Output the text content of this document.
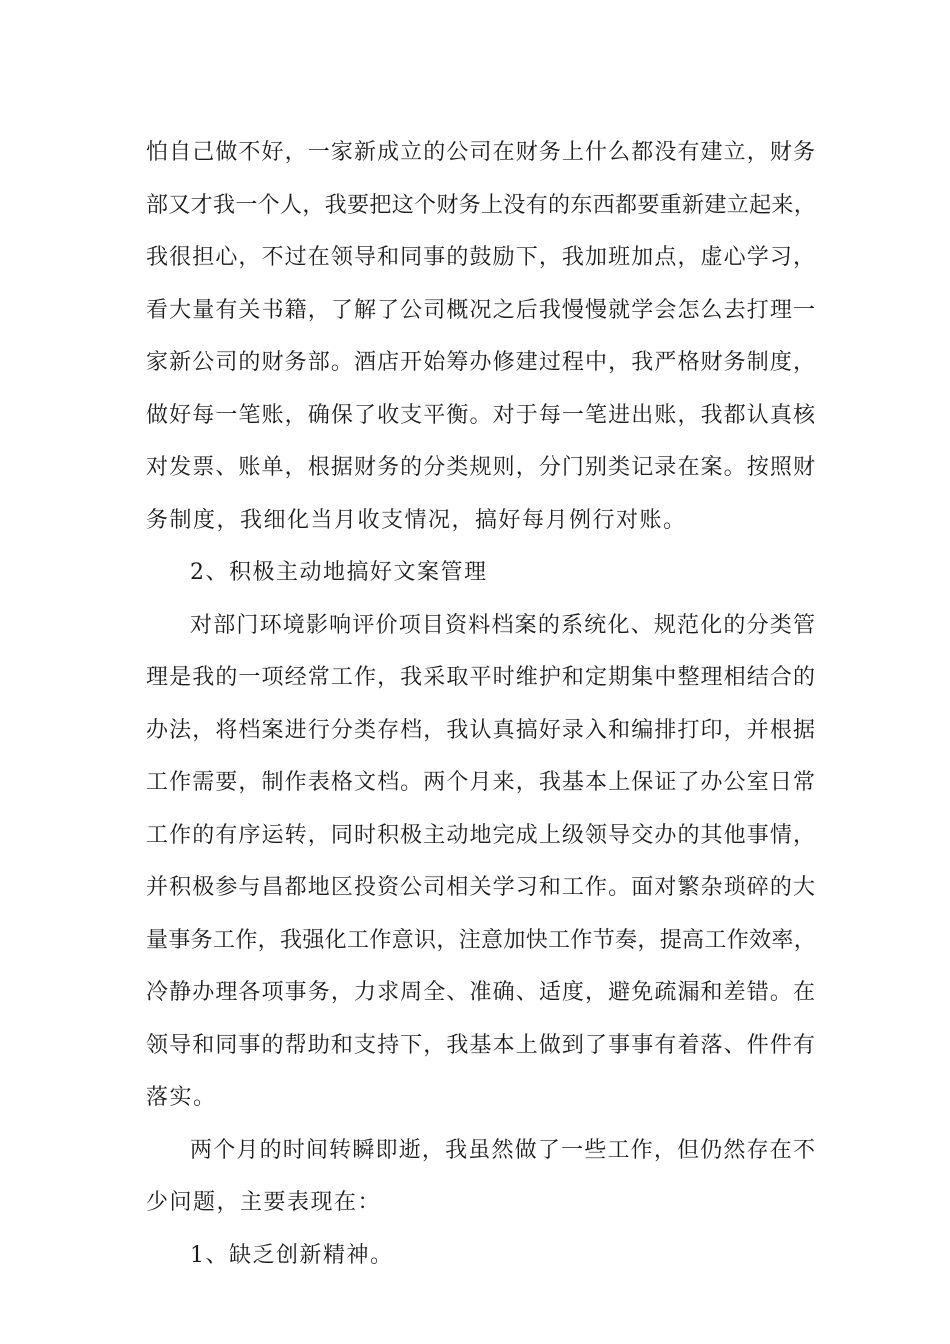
怕自己做不好，一家新成立的公司在财务上什么都没有建立，财务
部又才我一个人，我要把这个财务上没有的东西都要重新建立起来，
我很担心，不过在领导和同事的鼓励下，我加班加点，虚心学习，
看大量有关书籍，了解了公司概况之后我慢慢就学会怎么去打理一
家新公司的财务部。酒店开始筹办修建过程中，我严格财务制度，
做好每一笔账，确保了收支平衡。对于每一笔进出账，我都认真核
对发票、账单，根据财务的分类规则，分门别类记录在案。按照财
务制度，我细化当月收支情况，搞好每月例行对账。
2、积极主动地搞好文案管理
对部门环境影响评价项目资料档案的系统化、规范化的分类管
理是我的一项经常工作，我采取平时维护和定期集中整理相结合的
办法，将档案进行分类存档，我认真搞好录入和编排打印，并根据
工作需要，制作表格文档。两个月来，我基本上保证了办公室日常
工作的有序运转，同时积极主动地完成上级领导交办的其他事情，
并积极参与昌都地区投资公司相关学习和工作。面对繁杂琐碎的大
量事务工作，我强化工作意识，注意加快工作节奏，提高工作效率，
冷静办理各项事务，力求周全、准确、适度，避免疏漏和差错。在
领导和同事的帮助和支持下，我基本上做到了事事有着落、件件有
落实。
两个月的时间转瞬即逝，我虽然做了一些工作，但仍然存在不
少问题，主要表现在：
1、缺乏创新精神。
